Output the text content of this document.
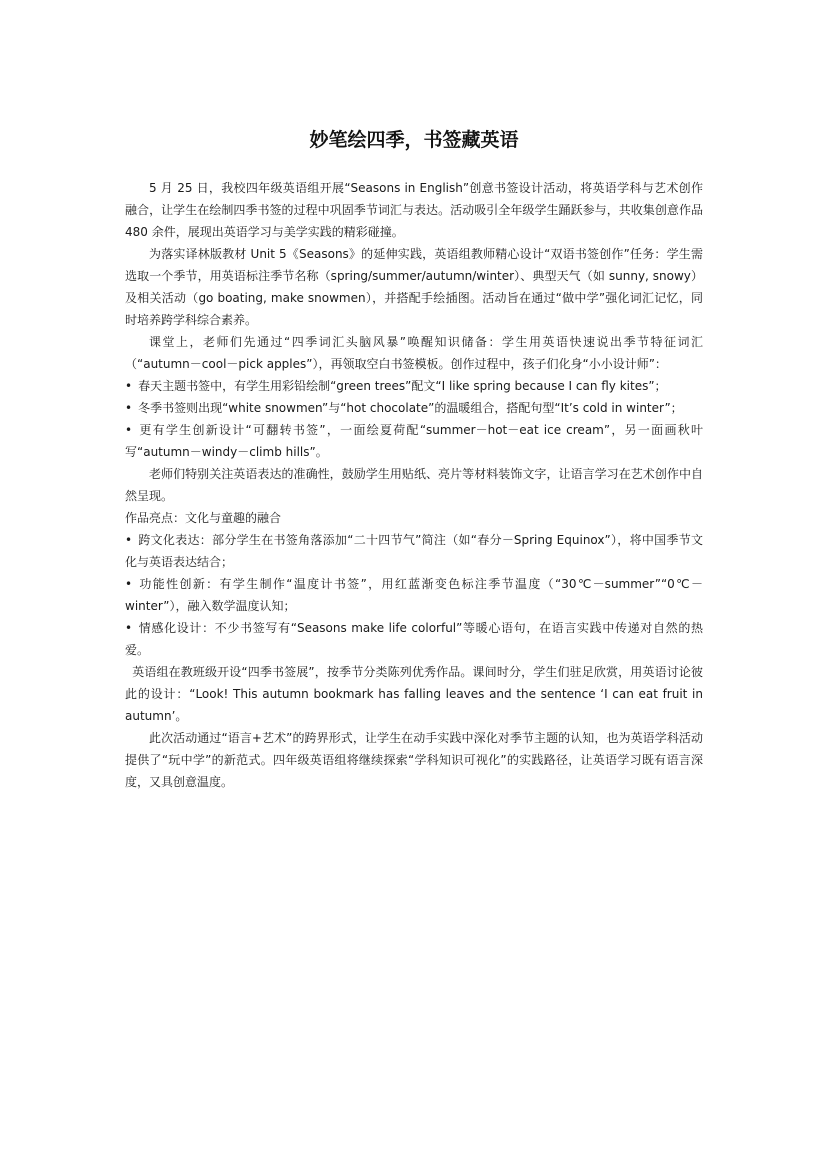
妙笔绘四季，书签藏英语

5 月 25 日，我校四年级英语组开展“Seasons in English”创意书签设计活动，将英语学科与艺术创作融合，让学生在绘制四季书签的过程中巩固季节词汇与表达。活动吸引全年级学生踊跃参与，共收集创意作品 480 余件，展现出英语学习与美学实践的精彩碰撞。

为落实译林版教材 Unit 5《Seasons》的延伸实践，英语组教师精心设计“双语书签创作”任务：学生需选取一个季节，用英语标注季节名称（spring/summer/autumn/winter）、典型天气（如 sunny, snowy）及相关活动（go boating, make snowmen），并搭配手绘插图。活动旨在通过“做中学”强化词汇记忆，同时培养跨学科综合素养。

课堂上，老师们先通过“四季词汇头脑风暴”唤醒知识储备：学生用英语快速说出季节特征词汇（“autumn－cool－pick apples”），再领取空白书签模板。创作过程中，孩子们化身“小小设计师”：

• 春天主题书签中，有学生用彩铅绘制“green trees”配文“I like spring because I can fly kites”；

• 冬季书签则出现“white snowmen”与“hot chocolate”的温暖组合，搭配句型“It’s cold in winter”；

• 更有学生创新设计“可翻转书签”，一面绘夏荷配“summer－hot－eat ice cream”，另一面画秋叶写“autumn－windy－climb hills”。

老师们特别关注英语表达的准确性，鼓励学生用贴纸、亮片等材料装饰文字，让语言学习在艺术创作中自然呈现。

作品亮点：文化与童趣的融合

• 跨文化表达：部分学生在书签角落添加“二十四节气”简注（如“春分－Spring Equinox”），将中国季节文化与英语表达结合；

• 功能性创新：有学生制作“温度计书签”，用红蓝渐变色标注季节温度（“30℃－summer”“0℃－winter”），融入数学温度认知；

• 情感化设计：不少书签写有“Seasons make life colorful”等暖心语句，在语言实践中传递对自然的热爱。

英语组在教班级开设“四季书签展”，按季节分类陈列优秀作品。课间时分，学生们驻足欣赏，用英语讨论彼此的设计：“Look! This autumn bookmark has falling leaves and the sentence ‘I can eat fruit in autumn’。

此次活动通过“语言+艺术”的跨界形式，让学生在动手实践中深化对季节主题的认知，也为英语学科活动提供了“玩中学”的新范式。四年级英语组将继续探索“学科知识可视化”的实践路径，让英语学习既有语言深度，又具创意温度。
